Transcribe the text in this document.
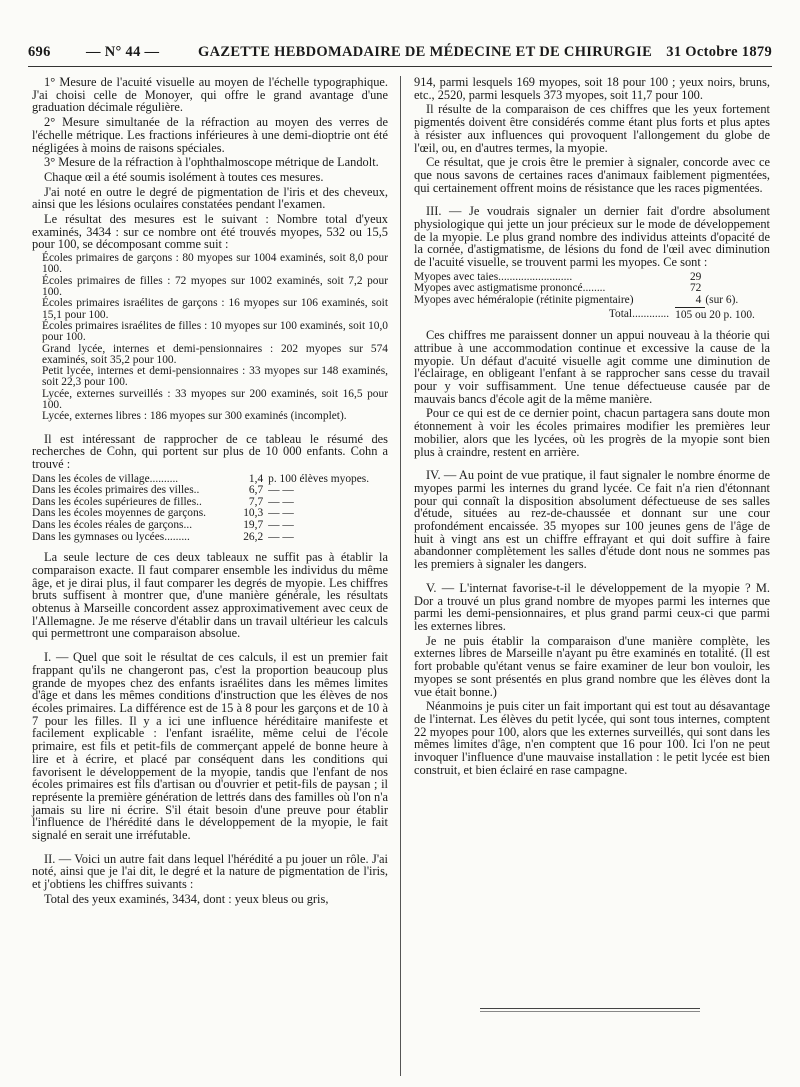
696 — N° 44 —	GAZETTE HEBDOMADAIRE DE MÉDECINE ET DE CHIRURGIE 31 Octobre 1879

1° Mesure de l'acuité visuelle au moyen de l'échelle typographique. J'ai choisi celle de Monoyer, qui offre le grand avantage d'une graduation décimale régulière.

2° Mesure simultanée de la réfraction au moyen des verres de l'échelle métrique. Les fractions inférieures à une demi-dioptrie ont été négligées à moins de raisons spéciales.

3° Mesure de la réfraction à l'ophthalmoscope métrique de Landolt.

Chaque œil a été soumis isolément à toutes ces mesures.

J'ai noté en outre le degré de pigmentation de l'iris et des cheveux, ainsi que les lésions oculaires constatées pendant l'examen.

Le résultat des mesures est le suivant : Nombre total d'yeux examinés, 3434 : sur ce nombre ont été trouvés myopes, 532 ou 15,5 pour 100, se décomposant comme suit :

Écoles primaires de garçons : 80 myopes sur 1004 examinés, soit 8,0 pour 100.

Écoles primaires de filles : 72 myopes sur 1002 examinés, soit 7,2 pour 100.

Écoles primaires israélites de garçons : 16 myopes sur 106 examinés, soit 15,1 pour 100.

Écoles primaires israélites de filles : 10 myopes sur 100 examinés, soit 10,0 pour 100.

Grand lycée, internes et demi-pensionnaires : 202 myopes sur 574 examinés, soit 35,2 pour 100.

Petit lycée, internes et demi-pensionnaires : 33 myopes sur 148 examinés, soit 22,3 pour 100.

Lycée, externes surveillés : 33 myopes sur 200 examinés, soit 16,5 pour 100.

Lycée, externes libres : 186 myopes sur 300 examinés (incomplet).

Il est intéressant de rapprocher de ce tableau le résumé des recherches de Cohn, qui portent sur plus de 10 000 enfants. Cohn a trouvé :

Dans les écoles de village..........	1,4	p. 100 élèves myopes.
Dans les écoles primaires des villes..	6,7	— —
Dans les écoles supérieures de filles..	7,7	— —
Dans les écoles moyennes de garçons.	10,3	— —
Dans les écoles réales de garçons...	19,7	— —
Dans les gymnases ou lycées.........	26,2	— —

La seule lecture de ces deux tableaux ne suffit pas à établir la comparaison exacte. Il faut comparer ensemble les individus du même âge, et je dirai plus, il faut comparer les degrés de myopie. Les chiffres bruts suffisent à montrer que, d'une manière générale, les résultats obtenus à Marseille concordent assez approximativement avec ceux de l'Allemagne. Je me réserve d'établir dans un travail ultérieur les calculs qui permettront une comparaison absolue.

I. — Quel que soit le résultat de ces calculs, il est un premier fait frappant qu'ils ne changeront pas, c'est la proportion beaucoup plus grande de myopes chez des enfants israélites dans les mêmes limites d'âge et dans les mêmes conditions d'instruction que les élèves de nos écoles primaires. La différence est de 15 à 8 pour les garçons et de 10 à 7 pour les filles. Il y a ici une influence héréditaire manifeste et facilement explicable : l'enfant israélite, même celui de l'école primaire, est fils et petit-fils de commerçant appelé de bonne heure à lire et à écrire, et placé par conséquent dans les conditions qui favorisent le développement de la myopie, tandis que l'enfant de nos écoles primaires est fils d'artisan ou d'ouvrier et petit-fils de paysan ; il représente la première génération de lettrés dans des familles où l'on n'a jamais su lire ni écrire. S'il était besoin d'une preuve pour établir l'influence de l'hérédité dans le développement de la myopie, le fait signalé en serait une irréfutable.

II. — Voici un autre fait dans lequel l'hérédité a pu jouer un rôle. J'ai noté, ainsi que je l'ai dit, le degré et la nature de pigmentation de l'iris, et j'obtiens les chiffres suivants :

Total des yeux examinés, 3434, dont : yeux bleus ou gris,

914, parmi lesquels 169 myopes, soit 18 pour 100 ; yeux noirs, bruns, etc., 2520, parmi lesquels 373 myopes, soit 11,7 pour 100.

Il résulte de la comparaison de ces chiffres que les yeux fortement pigmentés doivent être considérés comme étant plus forts et plus aptes à résister aux influences qui provoquent l'allongement du globe de l'œil, ou, en d'autres termes, la myopie.

Ce résultat, que je crois être le premier à signaler, concorde avec ce que nous savons de certaines races d'animaux faiblement pigmentées, qui certainement offrent moins de résistance que les races pigmentées.

III. — Je voudrais signaler un dernier fait d'ordre absolument physiologique qui jette un jour précieux sur le mode de développement de la myopie. Le plus grand nombre des individus atteints d'opacité de la cornée, d'astigmatisme, de lésions du fond de l'œil avec diminution de l'acuité visuelle, se trouvent parmi les myopes. Ce sont :

Myopes avec taies..........................	29	
Myopes avec astigmatisme prononcé........	72	
Myopes avec héméralopie (rétinite pigmentaire)	4	(sur 6).
Total.............	105 ou 20 p. 100.	

Ces chiffres me paraissent donner un appui nouveau à la théorie qui attribue à une accommodation continue et excessive la cause de la myopie. Un défaut d'acuité visuelle agit comme une diminution de l'éclairage, en obligeant l'enfant à se rapprocher sans cesse du travail pour y voir suffisamment. Une tenue défectueuse causée par de mauvais bancs d'école agit de la même manière.

Pour ce qui est de ce dernier point, chacun partagera sans doute mon étonnement à voir les écoles primaires modifier les premières leur mobilier, alors que les lycées, où les progrès de la myopie sont bien plus à craindre, restent en arrière.

IV. — Au point de vue pratique, il faut signaler le nombre énorme de myopes parmi les internes du grand lycée. Ce fait n'a rien d'étonnant pour qui connaît la disposition absolument défectueuse de ses salles d'étude, situées au rez-de-chaussée et donnant sur une cour profondément encaissée. 35 myopes sur 100 jeunes gens de l'âge de huit à vingt ans est un chiffre effrayant et qui doit suffire à faire abandonner complètement les salles d'étude dont nous ne sommes pas les premiers à signaler les dangers.

V. — L'internat favorise-t-il le développement de la myopie ? M. Dor a trouvé un plus grand nombre de myopes parmi les internes que parmi les demi-pensionnaires, et plus grand parmi ceux-ci que parmi les externes libres.

Je ne puis établir la comparaison d'une manière complète, les externes libres de Marseille n'ayant pu être examinés en totalité. (Il est fort probable qu'étant venus se faire examiner de leur bon vouloir, les myopes se sont présentés en plus grand nombre que les élèves dont la vue était bonne.)

Néanmoins je puis citer un fait important qui est tout au désavantage de l'internat. Les élèves du petit lycée, qui sont tous internes, comptent 22 myopes pour 100, alors que les externes surveillés, qui sont dans les mêmes limites d'âge, n'en comptent que 16 pour 100. Ici l'on ne peut invoquer l'influence d'une mauvaise installation : le petit lycée est bien construit, et bien éclairé en rase campagne.
